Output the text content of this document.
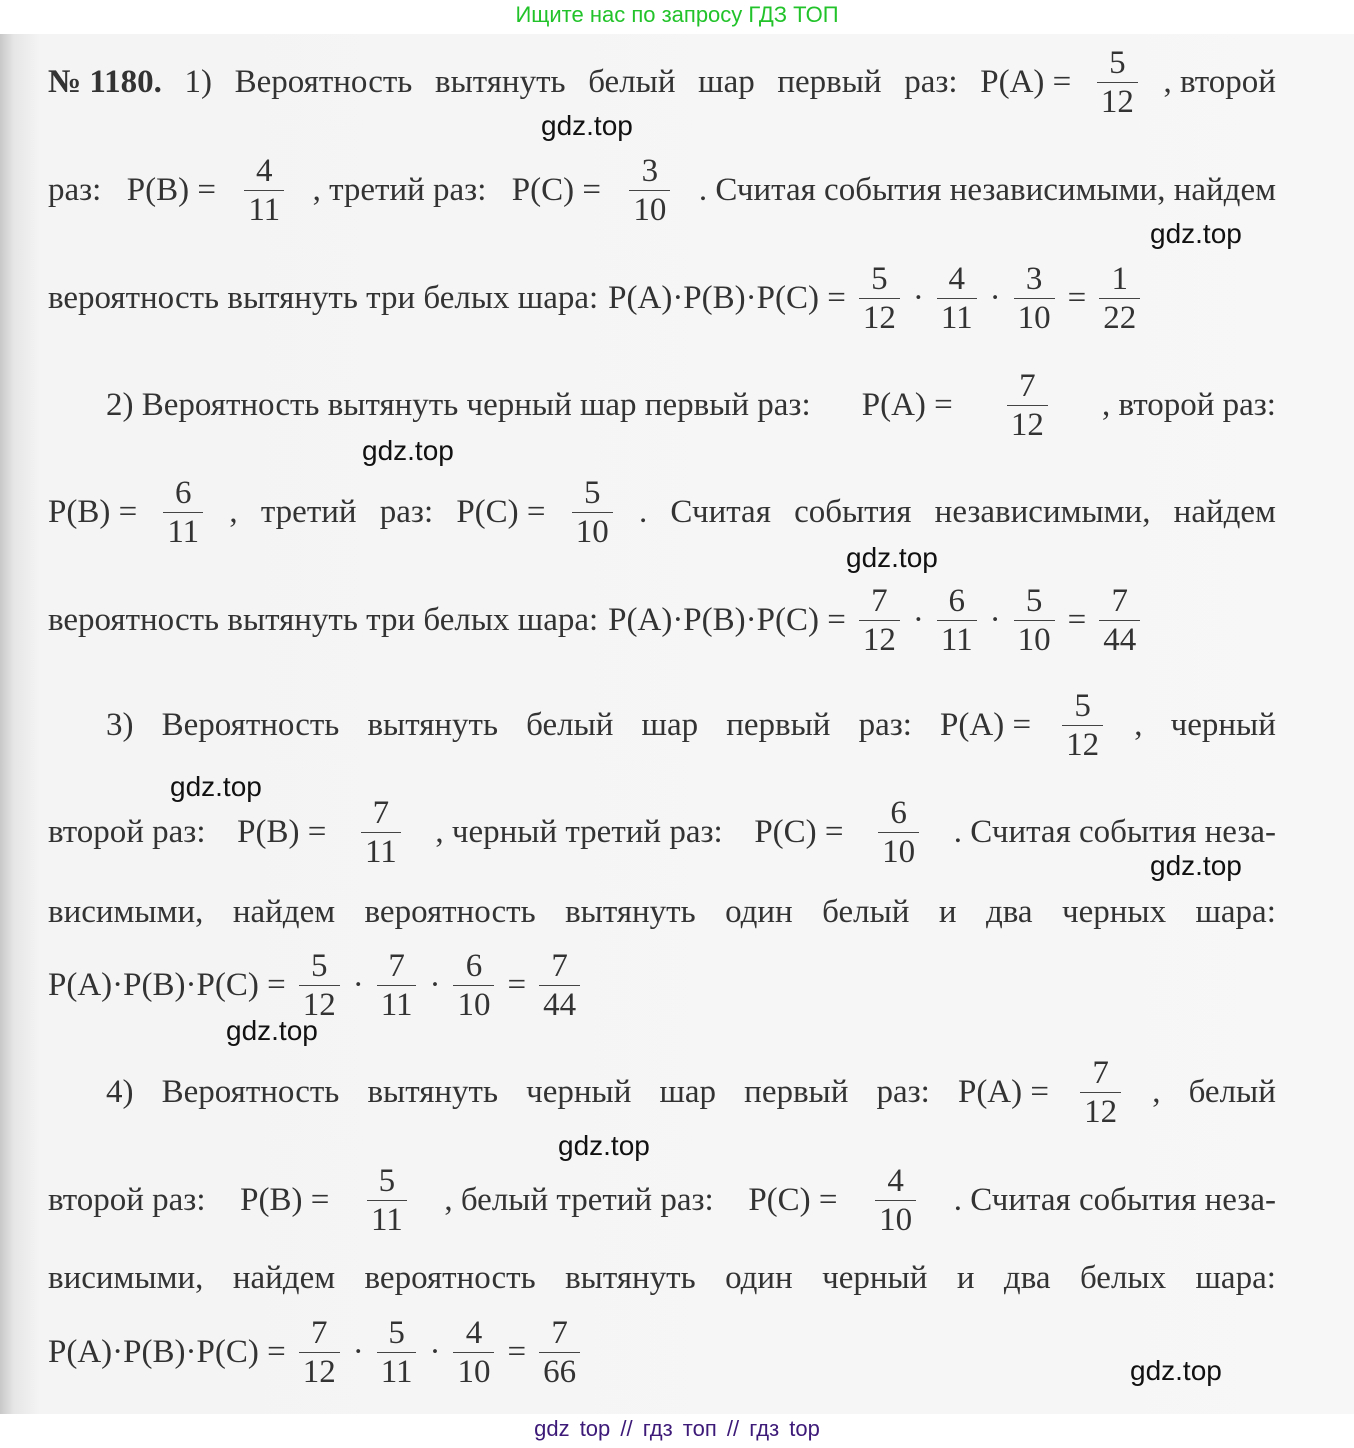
Ищите нас по запросу ГДЗ ТОП
№ 1180. 1) Вероятность вытянуть белый шар первый раз: $P(A) = \frac{5}{12}$ , второй
раз: $P(B) = \frac{4}{11}$ , третий раз: $P(C) = \frac{3}{10}$ . Считая события независимыми, найдем
вероятность вытянуть три белых шара: $P(A)\cdot P(B)\cdot P(C) = \frac{5}{12} \cdot \frac{4}{11} \cdot \frac{3}{10} = \frac{1}{22}$
2) Вероятность вытянуть черный шар первый раз: $P(A) = \frac{7}{12}$ , второй раз:
$P(B) = \frac{6}{11}$ , третий раз: $P(C) = \frac{5}{10}$ . Считая события независимыми, найдем
вероятность вытянуть три белых шара: $P(A)\cdot P(B)\cdot P(C) = \frac{7}{12} \cdot \frac{6}{11} \cdot \frac{5}{10} = \frac{7}{44}$
3) Вероятность вытянуть белый шар первый раз: $P(A) = \frac{5}{12}$ , черный
второй раз: $P(B) = \frac{7}{11}$ , черный третий раз: $P(C) = \frac{6}{10}$ . Считая события неза-
висимыми, найдем вероятность вытянуть один белый и два черных шара:
$P(A)\cdot P(B)\cdot P(C) = \frac{5}{12} \cdot \frac{7}{11} \cdot \frac{6}{10} = \frac{7}{44}$
4) Вероятность вытянуть черный шар первый раз: $P(A) = \frac{7}{12}$ , белый
второй раз: $P(B) = \frac{5}{11}$ , белый третий раз: $P(C) = \frac{4}{10}$ . Считая события неза-
висимыми, найдем вероятность вытянуть один черный и два белых шара:
$P(A)\cdot P(B)\cdot P(C) = \frac{7}{12} \cdot \frac{5}{11} \cdot \frac{4}{10} = \frac{7}{66}$
gdz.top
gdz.top
gdz.top
gdz.top
gdz.top
gdz.top
gdz.top
gdz.top
gdz.top
gdz top // гдз топ // гдз top
